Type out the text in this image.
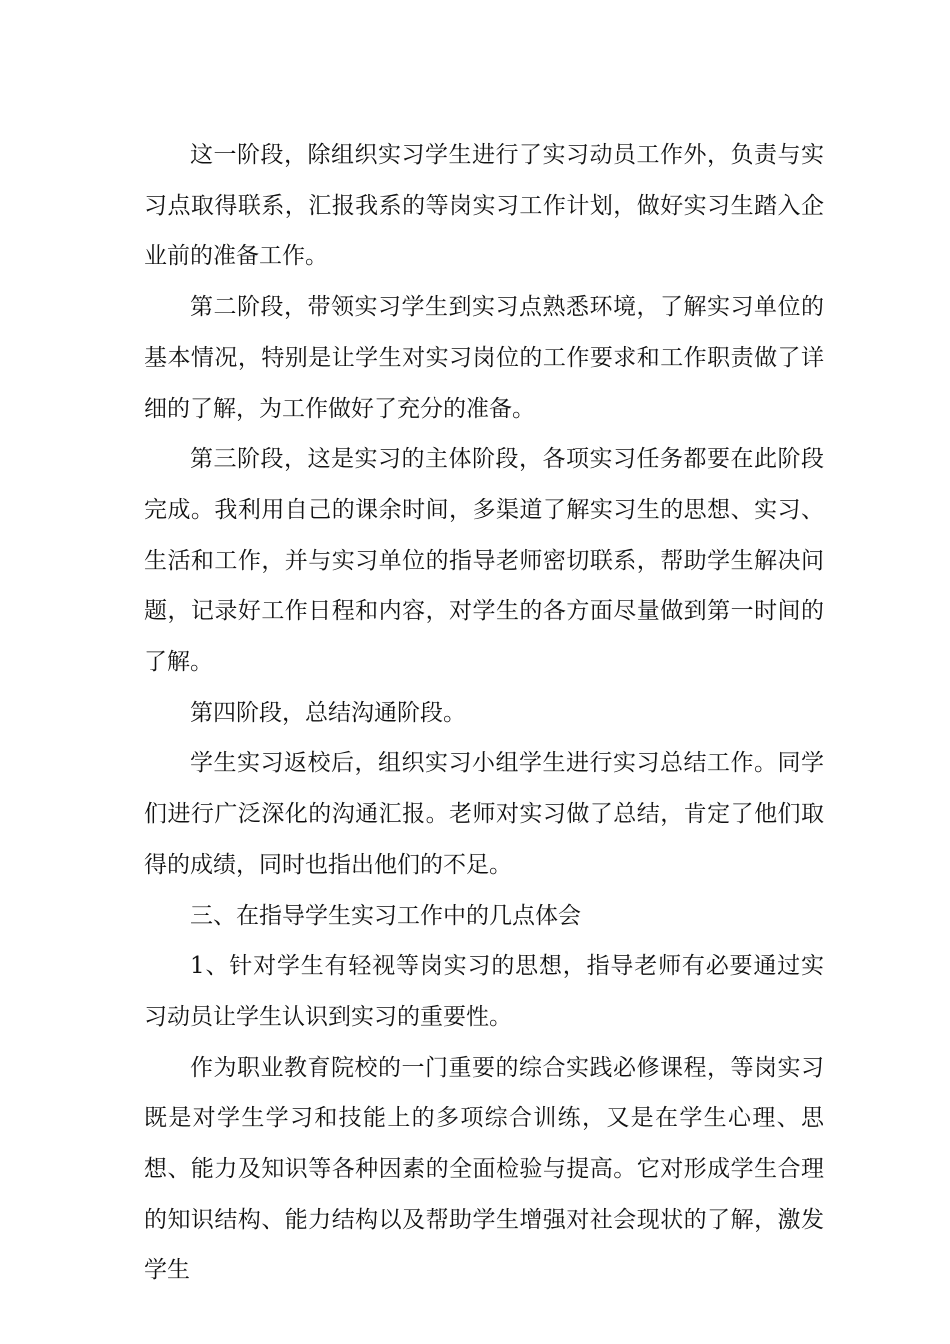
这一阶段，除组织实习学生进行了实习动员工作外，负责与实习点取得联系，汇报我系的等岗实习工作计划，做好实习生踏入企业前的准备工作。

第二阶段，带领实习学生到实习点熟悉环境，了解实习单位的基本情况，特别是让学生对实习岗位的工作要求和工作职责做了详细的了解，为工作做好了充分的准备。

第三阶段，这是实习的主体阶段，各项实习任务都要在此阶段完成。我利用自己的课余时间，多渠道了解实习生的思想、实习、生活和工作，并与实习单位的指导老师密切联系，帮助学生解决问题，记录好工作日程和内容，对学生的各方面尽量做到第一时间的了解。

第四阶段，总结沟通阶段。

学生实习返校后，组织实习小组学生进行实习总结工作。同学们进行广泛深化的沟通汇报。老师对实习做了总结，肯定了他们取得的成绩，同时也指出他们的不足。

三、在指导学生实习工作中的几点体会

1、针对学生有轻视等岗实习的思想，指导老师有必要通过实习动员让学生认识到实习的重要性。

作为职业教育院校的一门重要的综合实践必修课程，等岗实习既是对学生学习和技能上的多项综合训练，又是在学生心理、思想、能力及知识等各种因素的全面检验与提高。它对形成学生合理的知识结构、能力结构以及帮助学生增强对社会现状的了解，激发学生
